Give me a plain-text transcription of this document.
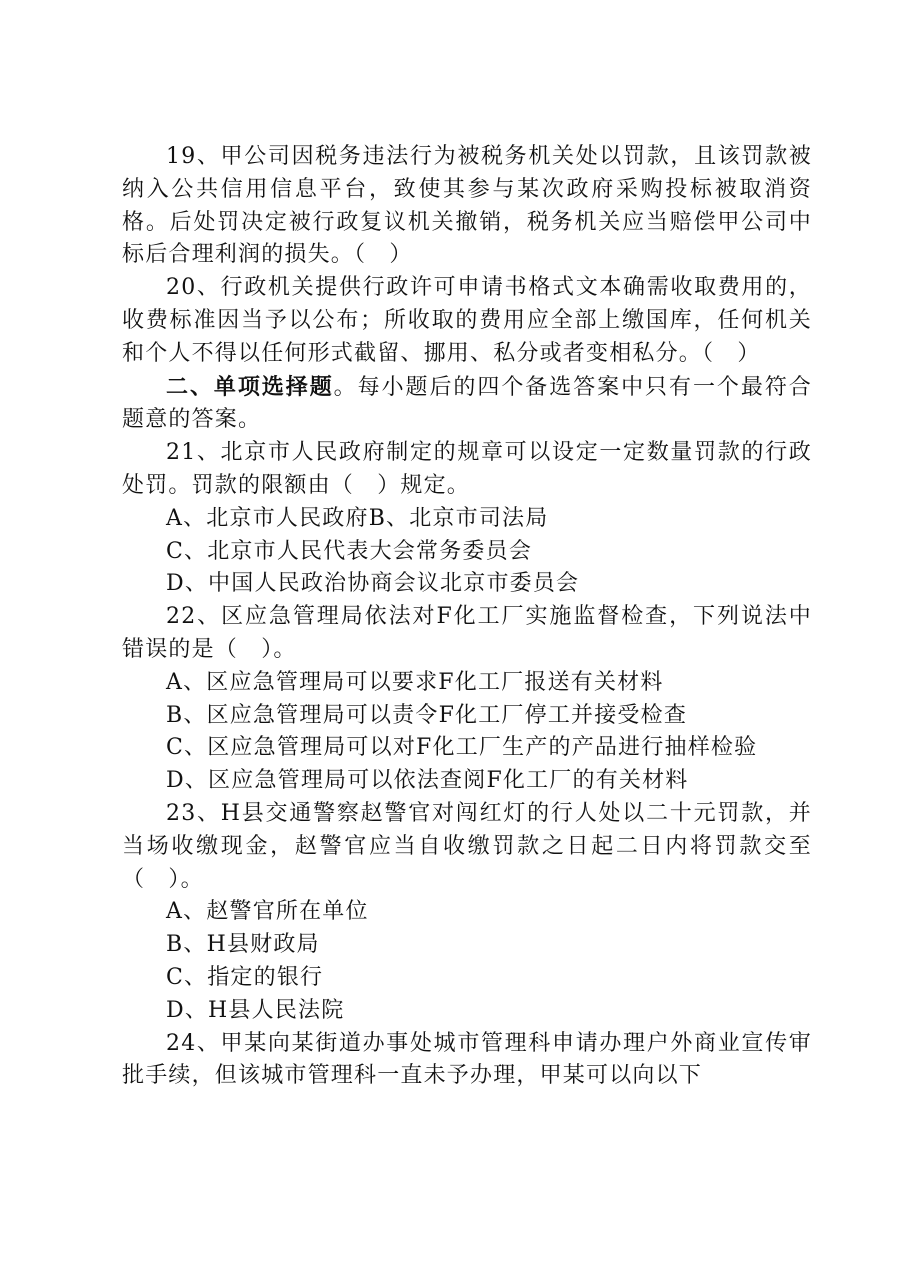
19、甲公司因税务违法行为被税务机关处以罚款，且该罚款被纳入公共信用信息平台，致使其参与某次政府采购投标被取消资格。后处罚决定被行政复议机关撤销，税务机关应当赔偿甲公司中标后合理利润的损失。（　）

20、行政机关提供行政许可申请书格式文本确需收取费用的，收费标准因当予以公布；所收取的费用应全部上缴国库，任何机关和个人不得以任何形式截留、挪用、私分或者变相私分。（　）

二、单项选择题。每小题后的四个备选答案中只有一个最符合题意的答案。

21、北京市人民政府制定的规章可以设定一定数量罚款的行政处罚。罚款的限额由（　）规定。

A、北京市人民政府B、北京市司法局

C、北京市人民代表大会常务委员会

D、中国人民政治协商会议北京市委员会

22、区应急管理局依法对F化工厂实施监督检查，下列说法中错误的是（　）。

A、区应急管理局可以要求F化工厂报送有关材料

B、区应急管理局可以责令F化工厂停工并接受检查

C、区应急管理局可以对F化工厂生产的产品进行抽样检验

D、区应急管理局可以依法查阅F化工厂的有关材料

23、H县交通警察赵警官对闯红灯的行人处以二十元罚款，并当场收缴现金，赵警官应当自收缴罚款之日起二日内将罚款交至（　）。

A、赵警官所在单位

B、H县财政局

C、指定的银行

D、H县人民法院

24、甲某向某街道办事处城市管理科申请办理户外商业宣传审批手续，但该城市管理科一直未予办理，甲某可以向以下
